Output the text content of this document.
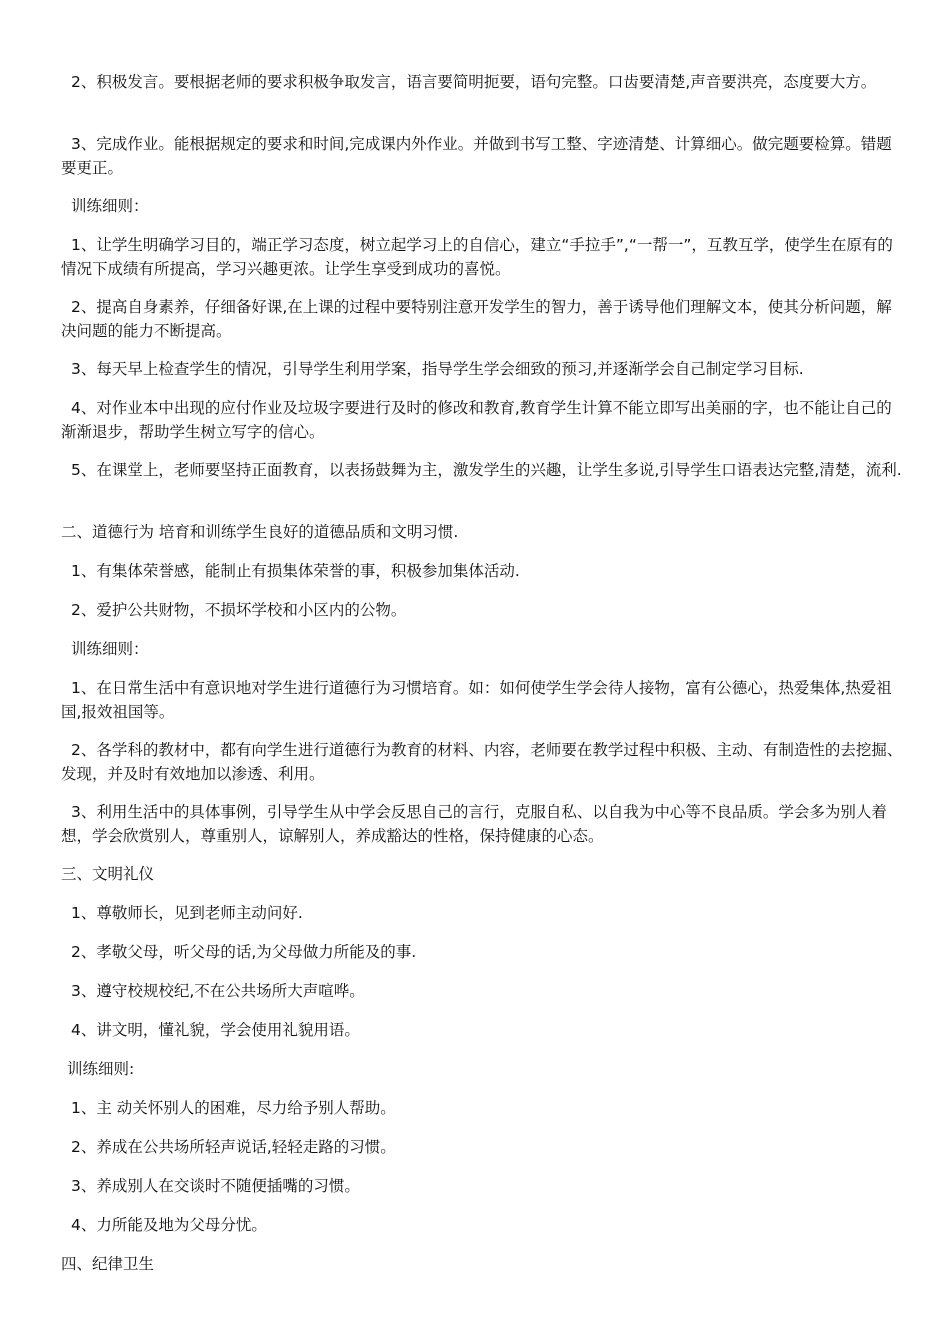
2、积极发言。要根据老师的要求积极争取发言，语言要简明扼要，语句完整。口齿要清楚,声音要洪亮，态度要大方。

3、完成作业。能根据规定的要求和时间,完成课内外作业。并做到书写工整、字迹清楚、计算细心。做完题要检算。错题要更正。

训练细则：

1、让学生明确学习目的，端正学习态度，树立起学习上的自信心，建立“手拉手”,“一帮一”，互教互学，使学生在原有的情况下成绩有所提高，学习兴趣更浓。让学生享受到成功的喜悦。

2、提高自身素养，仔细备好课,在上课的过程中要特别注意开发学生的智力，善于诱导他们理解文本，使其分析问题，解决问题的能力不断提高。

3、每天早上检查学生的情况，引导学生利用学案，指导学生学会细致的预习,并逐渐学会自己制定学习目标.

4、对作业本中出现的应付作业及垃圾字要进行及时的修改和教育,教育学生计算不能立即写出美丽的字，也不能让自己的渐渐退步，帮助学生树立写字的信心。

5、在课堂上，老师要坚持正面教育，以表扬鼓舞为主，激发学生的兴趣，让学生多说,引导学生口语表达完整,清楚，流利.

二、道德行为 培育和训练学生良好的道德品质和文明习惯.

1、有集体荣誉感，能制止有损集体荣誉的事，积极参加集体活动.

2、爱护公共财物，不损坏学校和小区内的公物。

训练细则：

1、在日常生活中有意识地对学生进行道德行为习惯培育。如：如何使学生学会待人接物，富有公德心，热爱集体,热爱祖国,报效祖国等。

2、各学科的教材中，都有向学生进行道德行为教育的材料、内容，老师要在教学过程中积极、主动、有制造性的去挖掘、发现，并及时有效地加以渗透、利用。

3、利用生活中的具体事例，引导学生从中学会反思自己的言行，克服自私、以自我为中心等不良品质。学会多为别人着想，学会欣赏别人，尊重别人，谅解别人，养成豁达的性格，保持健康的心态。

三、文明礼仪

1、尊敬师长，见到老师主动问好.

2、孝敬父母，听父母的话,为父母做力所能及的事.

3、遵守校规校纪,不在公共场所大声喧哗。

4、讲文明，懂礼貌，学会使用礼貌用语。

训练细则:

1、主 动关怀别人的困难，尽力给予别人帮助。

2、养成在公共场所轻声说话,轻轻走路的习惯。

3、养成别人在交谈时不随便插嘴的习惯。

4、力所能及地为父母分忧。

四、纪律卫生
